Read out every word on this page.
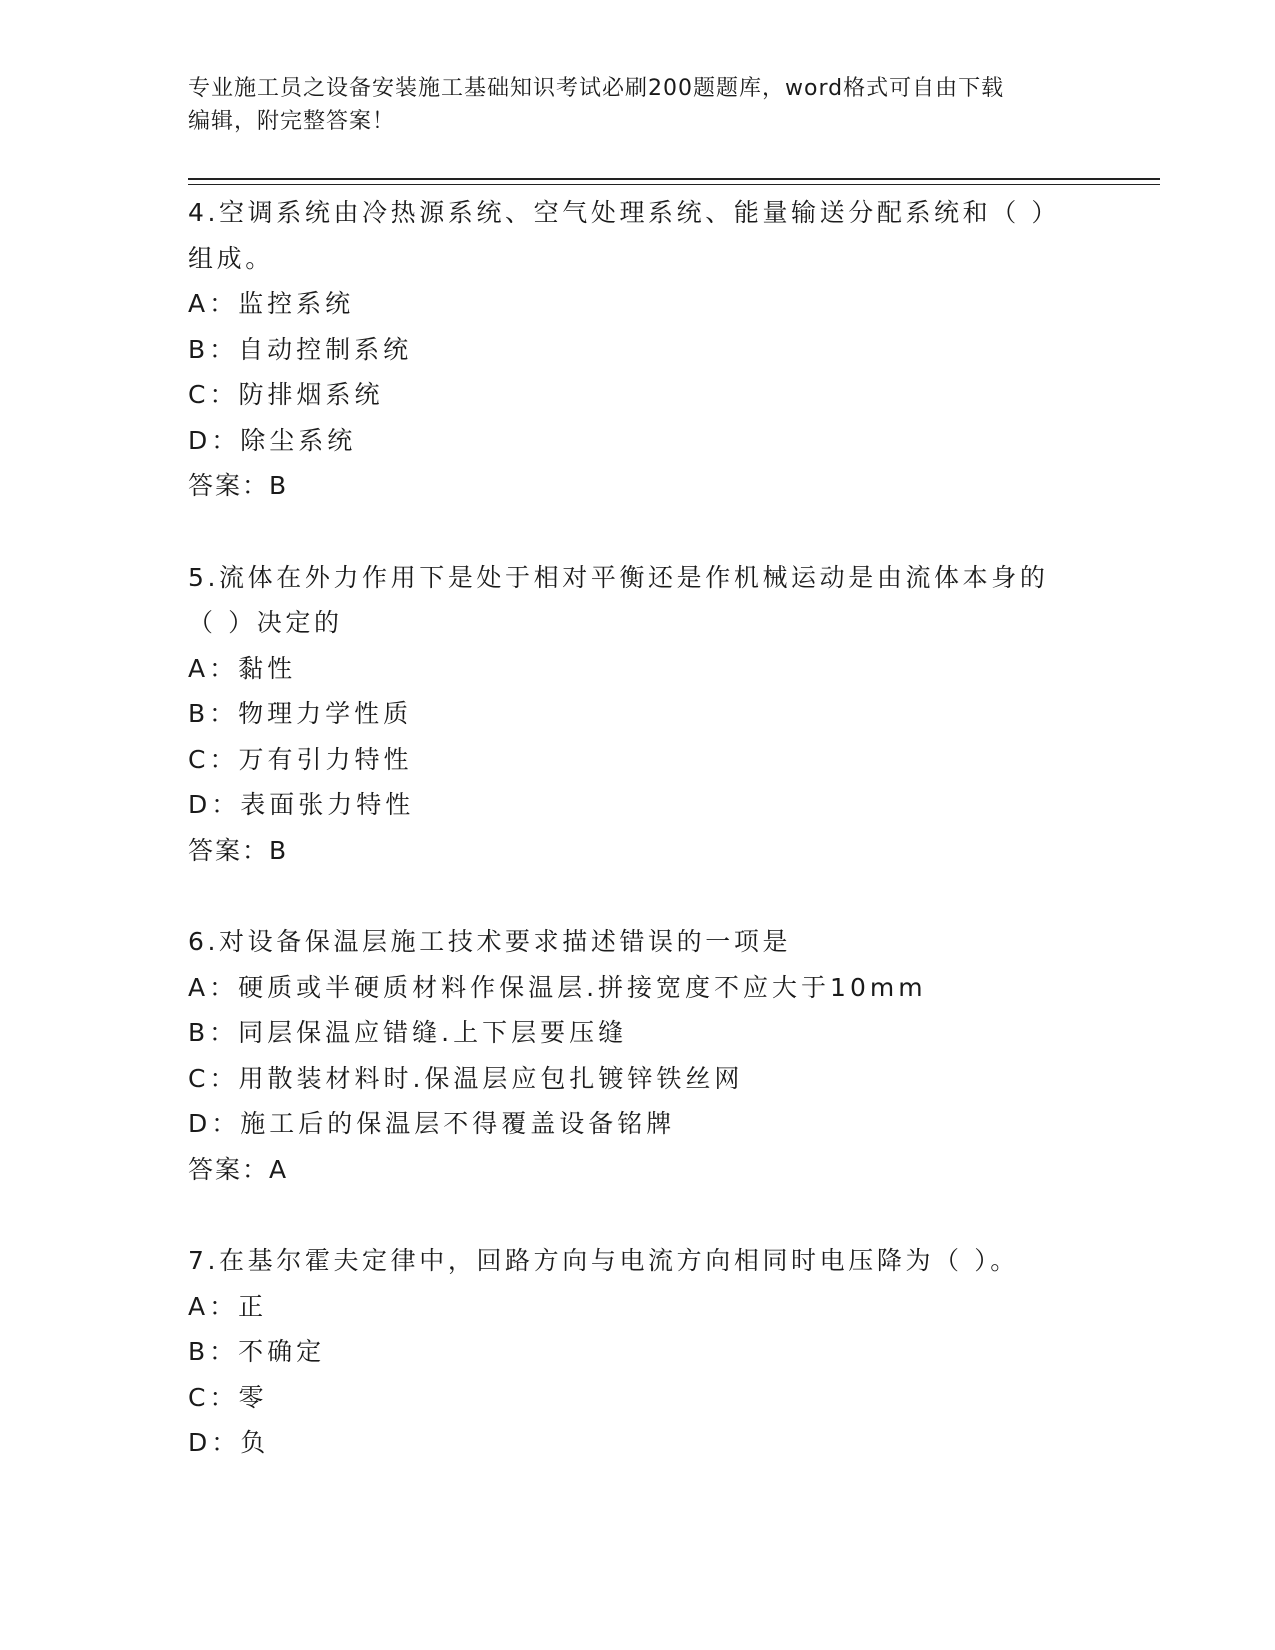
专业施工员之设备安装施工基础知识考试必刷200题题库，word格式可自由下载
编辑，附完整答案！
4.空调系统由冷热源系统、空气处理系统、能量输送分配系统和（ ）
组成。
A：监控系统
B：自动控制系统
C：防排烟系统
D：除尘系统
答案：B
5.流体在外力作用下是处于相对平衡还是作机械运动是由流体本身的
（ ）决定的
A：黏性
B：物理力学性质
C：万有引力特性
D：表面张力特性
答案：B
6.对设备保温层施工技术要求描述错误的一项是
A：硬质或半硬质材料作保温层.拼接宽度不应大于10mm
B：同层保温应错缝.上下层要压缝
C：用散装材料时.保温层应包扎镀锌铁丝网
D：施工后的保温层不得覆盖设备铭牌
答案：A
7.在基尔霍夫定律中，回路方向与电流方向相同时电压降为（ ）。
A：正
B：不确定
C：零
D：负
